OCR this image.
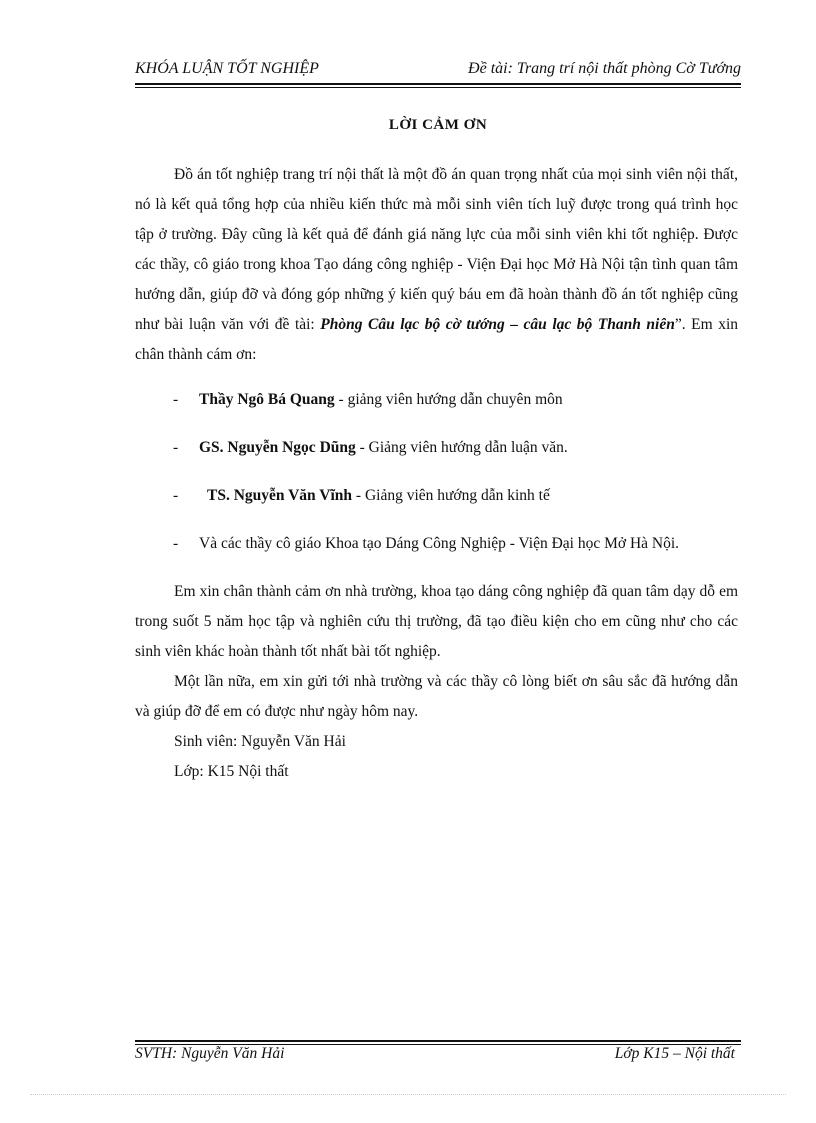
KHÓA LUẬN TỐT NGHIỆP	Đề tài: Trang trí nội thất phòng Cờ Tướng
LỜI CẢM ƠN

Đồ án tốt nghiệp trang trí nội thất là một đồ án quan trọng nhất của mọi sinh viên nội thất, nó là kết quả tổng hợp của nhiều kiến thức mà mỗi sinh viên tích luỹ được trong quá trình học tập ở trường. Đây cũng là kết quả để đánh giá năng lực của mỗi sinh viên khi tốt nghiệp. Được các thầy, cô giáo trong khoa Tạo dáng công nghiệp - Viện Đại học Mở Hà Nội tận tình quan tâm hướng dẫn, giúp đỡ và đóng góp những ý kiến quý báu em đã hoàn thành đồ án tốt nghiệp cũng như bài luận văn với đề tài: Phòng Câu lạc bộ cờ tướng – câu lạc bộ Thanh niên”. Em xin chân thành cám ơn:

- Thầy Ngô Bá Quang - giảng viên hướng dẫn chuyên môn
- GS. Nguyễn Ngọc Dũng - Giảng viên hướng dẫn luận văn.
- TS. Nguyễn Văn Vĩnh - Giảng viên hướng dẫn kinh tế
- Và các thầy cô giáo Khoa tạo Dáng Công Nghiệp - Viện Đại học Mở Hà Nội.

Em xin chân thành cảm ơn nhà trường, khoa tạo dáng công nghiệp đã quan tâm dạy dỗ em trong suốt 5 năm học tập và nghiên cứu thị trường, đã tạo điều kiện cho em cũng như cho các sinh viên khác hoàn thành tốt nhất bài tốt nghiệp.

Một lần nữa, em xin gửi tới nhà trường và các thầy cô lòng biết ơn sâu sắc đã hướng dẫn và giúp đỡ để em có được như ngày hôm nay.

Sinh viên: Nguyễn Văn Hải

Lớp: K15 Nội thất

SVTH: Nguyễn Văn Hải	Lớp K15 – Nội thất
